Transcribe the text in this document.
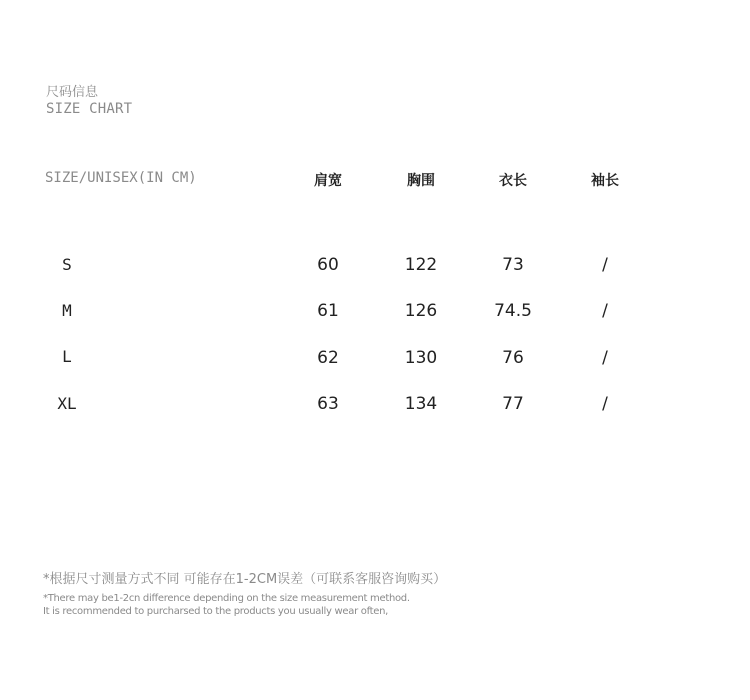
尺码信息
SIZE CHART
SIZE/UNISEX(IN CM)	肩宽	胸围	衣长	袖长
S	60	122	73	/
M	61	126	74.5	/
L	62	130	76	/
XL	63	134	77	/
*根据尺寸测量方式不同 可能存在1-2CM误差（可联系客服咨询购买）
*There may be1-2cn difference depending on the size measurement method.
It is recommended to purcharsed to the products you usually wear often,
